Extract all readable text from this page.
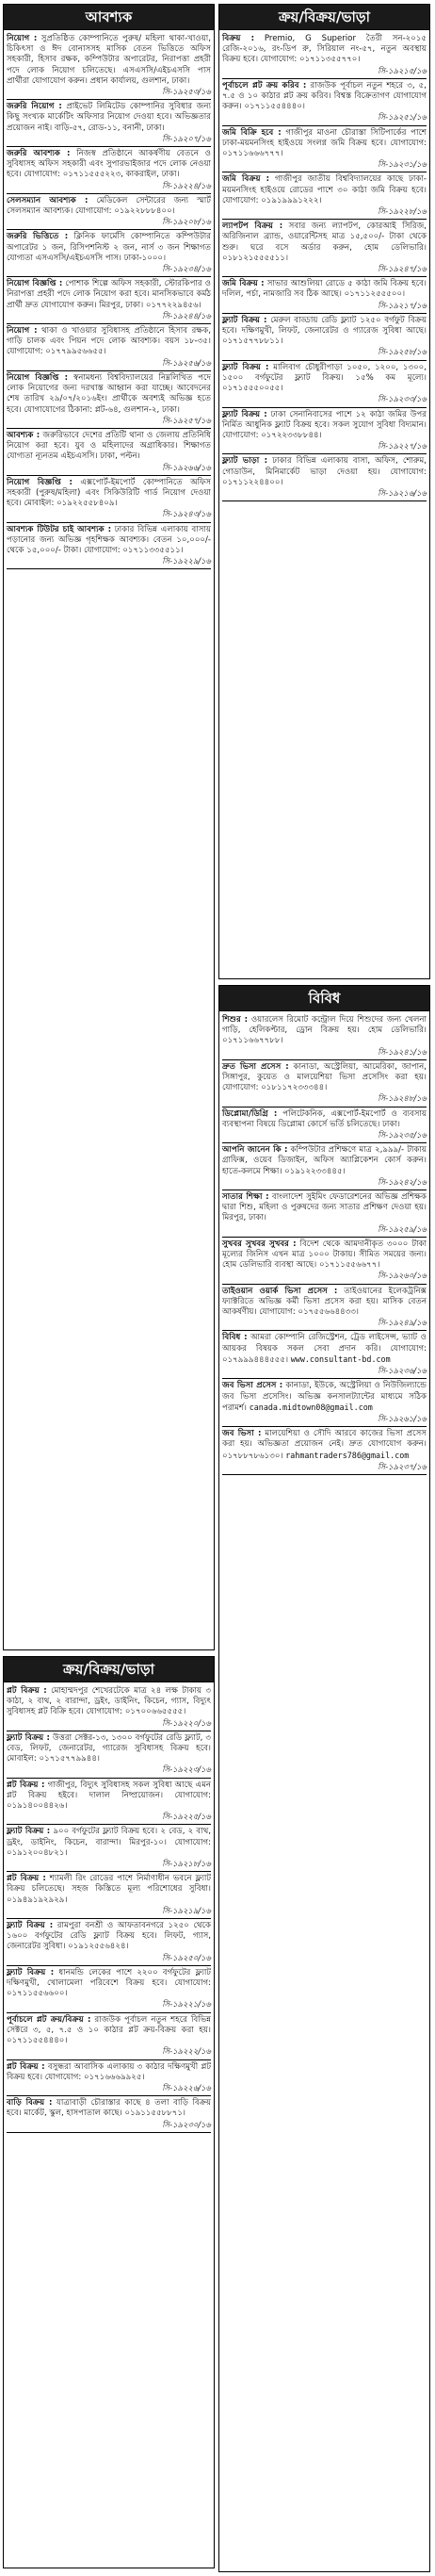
আবশ্যক
নিয়োগ : সুপ্রতিষ্ঠিত কোম্পানিতে পুরুষ/ মহিলা থাকা-খাওয়া, চিকিৎসা ও ঈদ বোনাসসহ মাসিক বেতন ভিত্তিতে অফিস সহকারী, হিসাব রক্ষক, কম্পিউটার অপারেটর, নিরাপত্তা প্রহরী পদে লোক নিয়োগ চলিতেছে। এসএসসি/এইচএসসি পাস প্রার্থীরা যোগাযোগ করুন। প্রধান কার্যালয়, গুলশান, ঢাকা।
সি-১৯২৫৩/১৬
জরুরি নিয়োগ : প্রাইভেট লিমিটেড কোম্পানির সুবিধার জন্য কিছু সংখ্যক মার্কেটিং অফিসার নিয়োগ দেওয়া হবে। অভিজ্ঞতার প্রয়োজন নাই। বাড়ি-৫৭, রোড-১১, বনানী, ঢাকা।
সি-১৯২০৭/১৬
জরুরি আবশ্যক : নিজস্ব প্রতিষ্ঠানে আকর্ষণীয় বেতনে ও সুবিধাসহ অফিস সহকারী এবং সুপারভাইজার পদে লোক নেওয়া হবে। যোগাযোগ: ০১৭১১৫৫৫২২৩, কাকরাইল, ঢাকা।
সি-১৯২২৪/১৬
সেলসম্যান আবশ্যক : মেডিকেল সেন্টারের জন্য স্মার্ট সেলসম্যান আবশ্যক। যোগাযোগ: ০১৯২২৮৮৮৪০০।
সি-১৯২০৮/১৬
জরুরি ভিত্তিতে : ক্লিনিক ফার্মেসি কোম্পানিতে কম্পিউটার অপারেটর ১ জন, রিসিপশনিস্ট ২ জন, নার্স ৩ জন শিক্ষাগত যোগ্যতা এসএসসি/এইচএসসি পাস। ঢাকা-১০০০।
সি-১৯২৩৪/১৬
নিয়োগ বিজ্ঞপ্তি : পোশাক শিল্পে অফিস সহকারী, স্টোরকিপার ও নিরাপত্তা প্রহরী পদে লোক নিয়োগ করা হবে। মানসিকভাবে কর্মঠ প্রার্থী দ্রুত যোগাযোগ করুন। মিরপুর, ঢাকা। ০১৭৭২২৯৪৫৬।
সি-১৯২৪৪/১৬
নিয়োগ : থাকা ও খাওয়ার সুবিধাসহ প্রতিষ্ঠানে হিসাব রক্ষক, গাড়ি চালক এবং পিয়ন পদে লোক আবশ্যক। বয়স ১৮-৩৫। যোগাযোগ: ০১৭৭৯৯৫৬৬৫৫।
সি-১৯২৫৬/১৬
নিয়োগ বিজ্ঞপ্তি : স্বনামধন্য বিশ্ববিদ্যালয়ের নিম্নলিখিত পদে লোক নিয়োগের জন্য দরখাস্ত আহ্বান করা যাচ্ছে। আবেদনের শেষ তারিখ ২৯/০৭/২০১৬ইং। প্রার্থীকে অবশ্যই অভিজ্ঞ হতে হবে। যোগাযোগের ঠিকানা: প্লট-৬৪, গুলশান-২, ঢাকা।
সি-১৯২৫৭/১৬
আবশ্যক : জরুরিভাবে দেশের প্রতিটি থানা ও জেলায় প্রতিনিধি নিয়োগ করা হবে। যুব ও মহিলাদের অগ্রাধিকার। শিক্ষাগত যোগ্যতা ন্যূনতম এইচএসসি। ঢাকা, পল্টন।
সি-১৯২৬৬/১৬
নিয়োগ বিজ্ঞপ্তি : এক্সপোর্ট-ইমপোর্ট কোম্পানিতে অফিস সহকারী (পুরুষ/মহিলা) এবং সিকিউরিটি গার্ড নিয়োগ দেওয়া হবে। মোবাইল: ০১৯২২৫৫৮৪০৯।
সি-১৯২৪৩/১৬
আবশ্যক টিউটর চাই আবশ্যক : ঢাকার বিভিন্ন এলাকায় বাসায় পড়ানোর জন্য অভিজ্ঞ গৃহশিক্ষক আবশ্যক। বেতন ১০,০০০/- থেকে ১৫,০০০/- টাকা। যোগাযোগ: ০১৭১১৩৩৫৫১১।
সি-১৯২২৯/১৬
ক্রয়/বিক্রয়/ভাড়া
প্লট বিক্রয় : মোহাম্মদপুর শেখেরটেকে মাত্র ২৪ লক্ষ টাকায় ৩ কাঠা, ২ বাথ, ২ বারান্দা, ড্রইং, ডাইনিং, কিচেন, গ্যাস, বিদ্যুৎ সুবিধাসহ প্লট বিক্রি হবে। যোগাযোগ: ০১৭০০৬৬৫৫৫৫।
সি-১৯২২০/১৬
ফ্ল্যাট বিক্রয় : উত্তরা সেক্টর-১৩, ১৩০০ বর্গফুটের রেডি ফ্ল্যাট, ৩ বেড, লিফট, জেনারেটর, গ্যারেজ সুবিধাসহ বিক্রয় হবে। মোবাইল: ০১৭১৫৭৭৯৯৪৪।
সি-১৯২২৩/১৬
প্লট বিক্রয় : গাজীপুর, বিদ্যুৎ সুবিধাসহ সকল সুবিধা আছে এমন প্লট বিক্রয় হইবে। দালাল নিষ্প্রয়োজন। যোগাযোগ: ০১৯১৪০০৪৪২৬।
সি-১৯২২৫/১৬
ফ্ল্যাট বিক্রয় : ৯০০ বর্গফুটের ফ্ল্যাট বিক্রয় হবে। ২ বেড, ২ বাথ, ড্রইং, ডাইনিং, কিচেন, বারান্দা। মিরপুর-১০। যোগাযোগ: ০১৯১২০০৪৮২১।
সি-১৯২১৮/১৬
প্লট বিক্রয় : শ্যামলী রিং রোডের পাশে নির্মাণাধীন ভবনে ফ্ল্যাট বিক্রয় চলিতেছে। সহজ কিস্তিতে মূল্য পরিশোধের সুবিধা। ০১৯৪৯১৯২৯২৯।
সি-১৯২১৯/১৬
ফ্ল্যাট বিক্রয় : রামপুরা বনশ্রী ও আফতাবনগরে ১২৫০ থেকে ১৬০০ বর্গফুটের রেডি ফ্ল্যাট বিক্রয় হবে। লিফট, গ্যাস, জেনারেটর সুবিধা। ০১৯১২৫৫৬৪২৪।
সি-১৯২৫০/১৬
ফ্ল্যাট বিক্রয় : ধানমন্ডি লেকের পাশে ২২০০ বর্গফুটের ফ্ল্যাট দক্ষিণমুখী, খোলামেলা পরিবেশে বিক্রয় হবে। যোগাযোগ: ০১৭১১৫৫৬৬০০।
সি-১৯২২১/১৬
পূর্বাচলে প্লট ক্রয়/বিক্রয় : রাজউক পূর্বাচল নতুন শহরে বিভিন্ন সেক্টরে ৩, ৫, ৭.৫ ও ১০ কাঠার প্লট ক্রয়-বিক্রয় করা হয়। ০১৭১১৫৫৪৪৪০।
সি-১৯২২২/১৬
প্লট বিক্রয় : বসুন্ধরা আবাসিক এলাকায় ৩ কাঠার দক্ষিণমুখী প্লট বিক্রয় হবে। যোগাযোগ: ০১৭১৬৬৬৯৯২৫।
সি-১৯২২৬/১৬
বাড়ি বিক্রয় : যাত্রাবাড়ী চৌরাস্তার কাছে ৪ তলা বাড়ি বিক্রয় হবে। মার্কেট, স্কুল, হাসপাতাল কাছে। ০১৯১১৫৫৮৮৭১।
সি-১৯২৩০/১৬
ক্রয়/বিক্রয়/ভাড়া
বিক্রয় : Premio, G Superior তৈরী সন-২০১৫ রেজি-২০১৬, রং-ডিপ রু, সিরিয়াল নং-৫৭, নতুন অবস্থায় বিক্রয় হবে। যোগাযোগ: ০১৭১১৩৫৫৭৭০।
সি-১৯২১৫/১৬
পূর্বাচলে প্লট ক্রয় করিব : রাজউক পূর্বাচল নতুন শহরে ৩, ৫, ৭.৫ ও ১০ কাঠার প্লট ক্রয় করিব। বিশ্বস্ত বিক্রেতাগণ যোগাযোগ করুন। ০১৭১১৫৫৪৪৪০।
সি-১৯২৫১/১৬
জমি বিক্রি হবে : গাজীপুর মাওনা চৌরাস্তা সিটিপার্কের পাশে ঢাকা-ময়মনসিংহ হাইওয়ে সংলগ্ন জমি বিক্রয় হবে। যোগাযোগ: ০১৭১১৬৬৬৭৭৭।
সি-১৯২৩১/১৬
জমি বিক্রয় : গাজীপুর জাতীয় বিশ্ববিদ্যালয়ের কাছে ঢাকা-ময়মনসিংহ হাইওয়ে রোডের পাশে ৩০ কাঠা জমি বিক্রয় হবে। যোগাযোগ: ০১৯১৯৯৯১২২২।
সি-১৯২২৮/১৬
ল্যাপটপ বিক্রয় : সবার জন্য ল্যাপটপ, কোরআই সিরিজ, অরিজিনাল ব্র্যান্ড, ওয়ারেন্টিসহ মাত্র ১৫,৫০০/- টাকা থেকে শুরু। ঘরে বসে অর্ডার করুন, হোম ডেলিভারি। ০১৮১২১৫৫৫৫১১।
সি-১৯২৪৭/১৬
জমি বিক্রয় : সাভার আশুলিয়া রোডে ৫ কাঠা জমি বিক্রয় হবে। দলিল, পর্চা, নামজারি সব ঠিক আছে। ০১৭১১২৫৫৫০০।
সি-১৯২১৭/১৬
ফ্ল্যাট বিক্রয় : মেরুল বাড্ডায় রেডি ফ্ল্যাট ১২৫০ বর্গফুট বিক্রয় হবে। দক্ষিণমুখী, লিফট, জেনারেটর ও গ্যারেজ সুবিধা আছে। ০১৭১৫৭৭৮৮১১।
সি-১৯২৫৮/১৬
ফ্ল্যাট বিক্রয় : মালিবাগ চৌধুরীপাড়া ১০৫০, ১২০০, ১৩০০, ১৫০০ বর্গফুটের ফ্ল্যাট বিক্রয়। ১৫% কম মূল্যে। ০১৭১৫৫৫০০৫৫।
সি-১৯২৩৩/১৬
ফ্ল্যাট বিক্রয় : ঢাকা সেনানিবাসের পাশে ১২ কাঠা জমির উপর নির্মিত আধুনিক ফ্ল্যাট বিক্রয় হবে। সকল সুযোগ সুবিধা বিদ্যমান। যোগাযোগ: ০১৭২২৩৩৮৮৪৪।
সি-১৯২২৭/১৬
ফ্ল্যাট ভাড়া : ঢাকার বিভিন্ন এলাকায় বাসা, অফিস, শোরুম, গোডাউন, মিনিমার্কেট ভাড়া দেওয়া হয়। যোগাযোগ: ০১৭১১২২৪৪০০।
সি-১৯২১৬/১৬
বিবিধ
শিশুর : ওয়ারলেস রিমোট কন্ট্রোল দিয়ে শিশুদের জন্য খেলনা গাড়ি, হেলিকপ্টার, ড্রোন বিক্রয় হয়। হোম ডেলিভারি। ০১৭১১৬৬৭৭৮৮।
সি-১৯২৪১/১৬
দ্রুত ভিসা প্রসেস : কানাডা, অস্ট্রেলিয়া, আমেরিকা, জাপান, সিঙ্গাপুর, কুয়েত ও মালয়েশিয়া ভিসা প্রসেসিং করা হয়। যোগাযোগ: ০১৮১১৭২৩৩৩৪৪।
সি-১৯২৪৮/১৬
ডিপ্লোমা/ডিগ্রি : পলিটেকনিক, এক্সপোর্ট-ইমপোর্ট ও ব্যবসায় ব্যবস্থাপনা বিষয়ে ডিপ্লোমা কোর্সে ভর্তি চলিতেছে। ঢাকা।
সি-১৯২৩৫/১৬
আপনি জানেন কি : কম্পিউটার প্রশিক্ষণে মাত্র ২,৯৯৯/- টাকায় গ্রাফিক্স, ওয়েব ডিজাইন, অফিস অ্যাপ্লিকেশন কোর্স করুন। হাতে-কলমে শিক্ষা। ০১৯১২২৩৩৪৪৫।
সি-১৯২৪২/১৬
সাতার শিক্ষা : বাংলাদেশ সুইমিং ফেডারেশনের অভিজ্ঞ প্রশিক্ষক দ্বারা শিশু, মহিলা ও পুরুষদের জন্য সাতার প্রশিক্ষণ দেওয়া হয়। মিরপুর, ঢাকা।
সি-১৯২৫৯/১৬
সুখবর সুখবর সুখবর : বিদেশ থেকে আমদানীকৃত ৩০০০ টাকা মূল্যের জিনিস এখন মাত্র ১০০০ টাকায়। সীমিত সময়ের জন্য। হোম ডেলিভারি ব্যবস্থা আছে। ০১৭১১৫৫৬৬৭৭।
সি-১৯২৬০/১৬
তাইওয়ান ওয়ার্ক ভিসা প্রসেস : তাইওয়ানের ইলেকট্রনিক্স ফ্যাক্টরিতে অভিজ্ঞ কর্মী ভিসা প্রসেস করা হয়। মাসিক বেতন আকর্ষণীয়। যোগাযোগ: ০১৭৫৫৬৬৪৪৩৩।
সি-১৯২৪৯/১৬
বিবিধ : আমরা কোম্পানি রেজিস্ট্রেশন, ট্রেড লাইসেন্স, ভ্যাট ও আয়কর বিষয়ক সকল সেবা প্রদান করি। যোগাযোগ: ০১৭৯৯৯৪৪৪৫৫৫। www.consultant-bd.com
সি-১৯২৩৬/১৬
জব ভিসা প্রসেস : কানাডা, ইউকে, অস্ট্রেলিয়া ও নিউজিল্যান্ডে জব ভিসা প্রসেসিং। অভিজ্ঞ কনসালট্যান্টের মাধ্যমে সঠিক পরামর্শ। canada.midtown08@gmail.com
সি-১৯২৬১/১৬
জব ভিসা : মালয়েশিয়া ও সৌদি আরবে কাজের ভিসা প্রসেস করা হয়। অভিজ্ঞতা প্রয়োজন নেই। দ্রুত যোগাযোগ করুন। ০১৭৮৮৭৮৬১৩০। rahmantraders786@gmail.com
সি-১৯২৩৭/১৬
